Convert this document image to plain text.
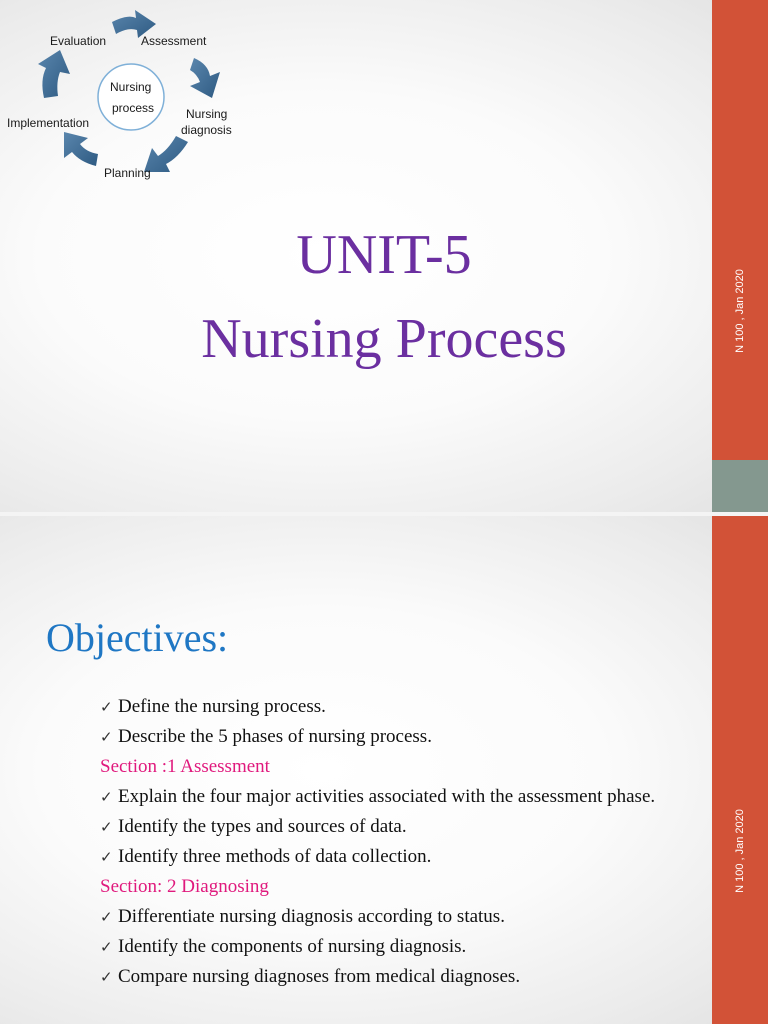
Nursing
process
Evaluation	Assessment
Nursing
diagnosis
Planning
Implementation
UNIT-5
Nursing Process	N 100 , Jan 2020
Objectives:
✓ Define the nursing process.
✓ Describe the 5 phases of nursing process.
Section :1 Assessment
✓ Explain the four major activities associated with the assessment phase.
✓ Identify the types and sources of data.
✓ Identify three methods of data collection.
Section: 2 Diagnosing
✓ Differentiate nursing diagnosis according to status.
✓ Identify the components of nursing diagnosis.
✓ Compare nursing diagnoses from medical diagnoses.
N 100 , Jan 2020
